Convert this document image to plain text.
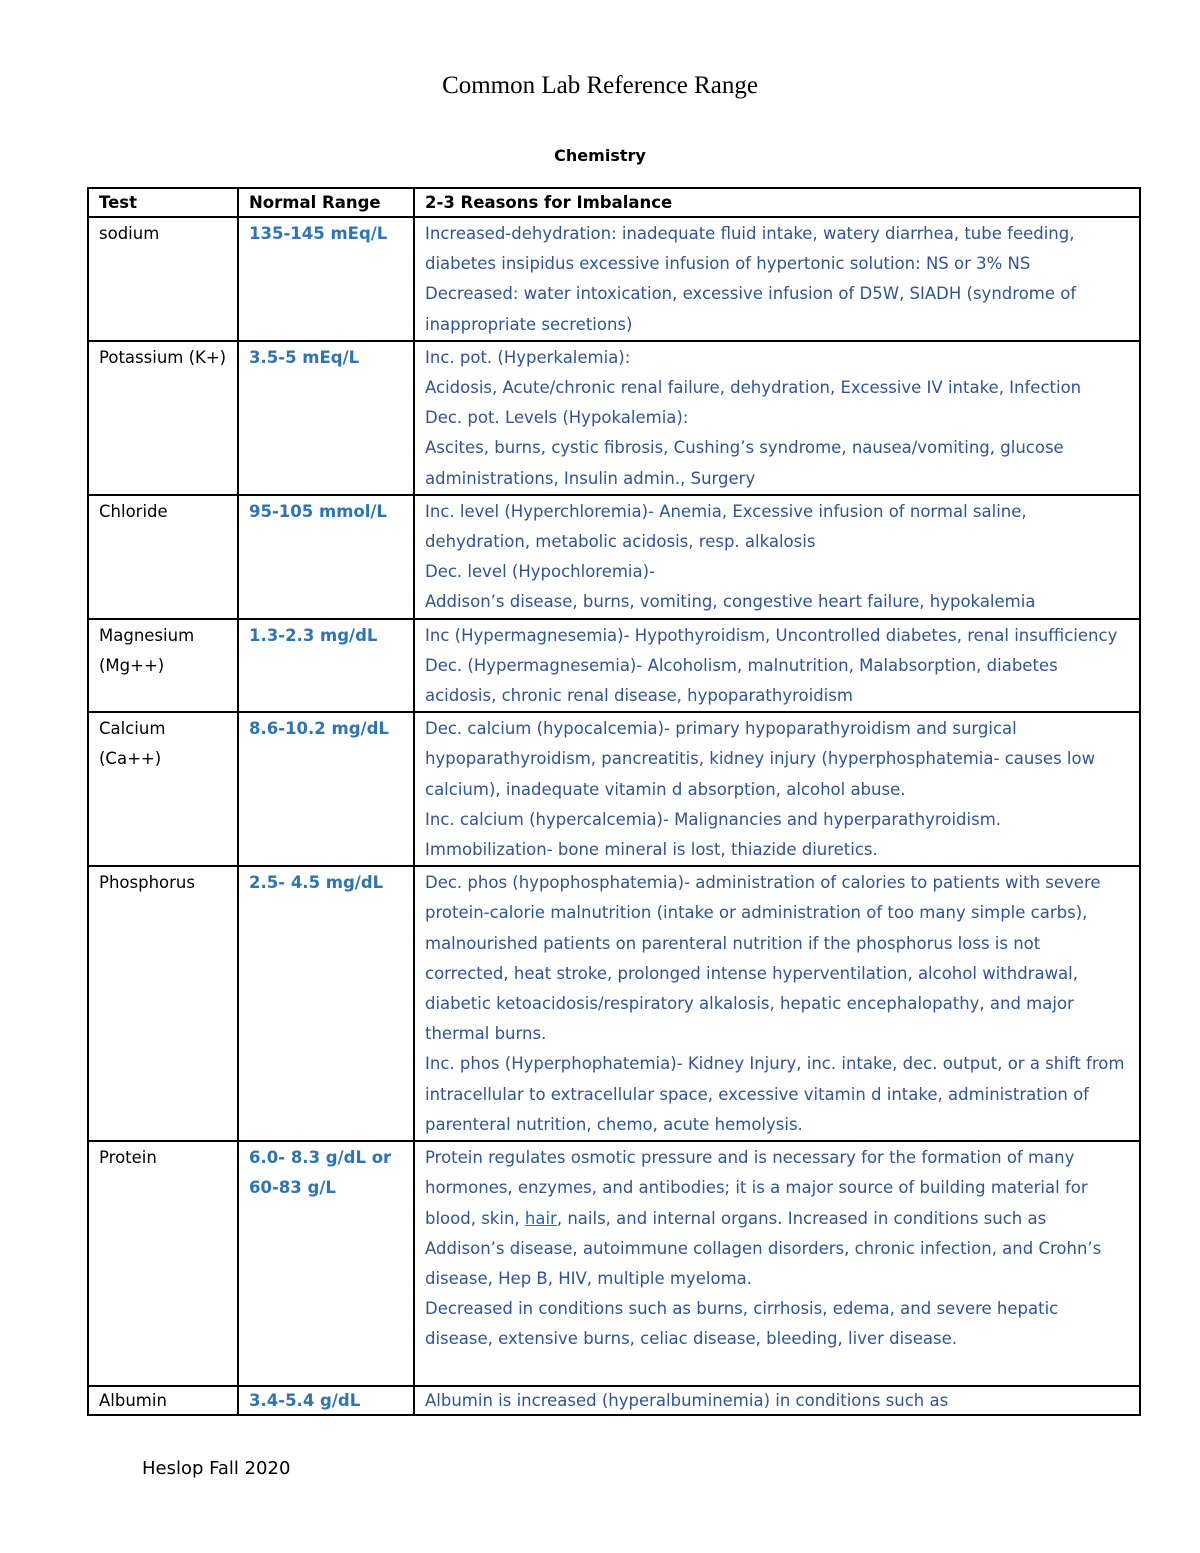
Common Lab Reference Range
Chemistry
Test	Normal Range	2-3 Reasons for Imbalance
sodium	135-145 mEq/L	Increased-dehydration: inadequate fluid intake, watery diarrhea, tube feeding, diabetes insipidus excessive infusion of hypertonic solution: NS or 3% NS
Decreased: water intoxication, excessive infusion of D5W, SIADH (syndrome of inappropriate secretions)

Potassium (K+)	3.5-5 mEq/L	Inc. pot. (Hyperkalemia):
Acidosis, Acute/chronic renal failure, dehydration, Excessive IV intake, Infection
Dec. pot. Levels (Hypokalemia):
Ascites, burns, cystic fibrosis, Cushing’s syndrome, nausea/vomiting, glucose administrations, Insulin admin., Surgery

Chloride	95-105 mmol/L	Inc. level (Hyperchloremia)- Anemia, Excessive infusion of normal saline, dehydration, metabolic acidosis, resp. alkalosis
Dec. level (Hypochloremia)-
Addison’s disease, burns, vomiting, congestive heart failure, hypokalemia

Magnesium (Mg++)	1.3-2.3 mg/dL	Inc (Hypermagnesemia)- Hypothyroidism, Uncontrolled diabetes, renal insufficiency
Dec. (Hypermagnesemia)- Alcoholism, malnutrition, Malabsorption, diabetes acidosis, chronic renal disease, hypoparathyroidism

Calcium (Ca++)	8.6-10.2 mg/dL	Dec. calcium (hypocalcemia)- primary hypoparathyroidism and surgical hypoparathyroidism, pancreatitis, kidney injury (hyperphosphatemia- causes low calcium), inadequate vitamin d absorption, alcohol abuse.
Inc. calcium (hypercalcemia)- Malignancies and hyperparathyroidism. Immobilization- bone mineral is lost, thiazide diuretics.

Phosphorus	2.5- 4.5 mg/dL	Dec. phos (hypophosphatemia)- administration of calories to patients with severe protein-calorie malnutrition (intake or administration of too many simple carbs), malnourished patients on parenteral nutrition if the phosphorus loss is not corrected, heat stroke, prolonged intense hyperventilation, alcohol withdrawal, diabetic ketoacidosis/respiratory alkalosis, hepatic encephalopathy, and major thermal burns.
Inc. phos (Hyperphophatemia)- Kidney Injury, inc. intake, dec. output, or a shift from intracellular to extracellular space, excessive vitamin d intake, administration of parenteral nutrition, chemo, acute hemolysis.

Protein	6.0- 8.3 g/dL or 60-83 g/L	Protein regulates osmotic pressure and is necessary for the formation of many hormones, enzymes, and antibodies; it is a major source of building material for blood, skin, hair, nails, and internal organs. Increased in conditions such as Addison’s disease, autoimmune collagen disorders, chronic infection, and Crohn’s disease, Hep B, HIV, multiple myeloma.
Decreased in conditions such as burns, cirrhosis, edema, and severe hepatic disease, extensive burns, celiac disease, bleeding, liver disease.

Albumin	3.4-5.4 g/dL	Albumin is increased (hyperalbuminemia) in conditions such as
Heslop Fall 2020
